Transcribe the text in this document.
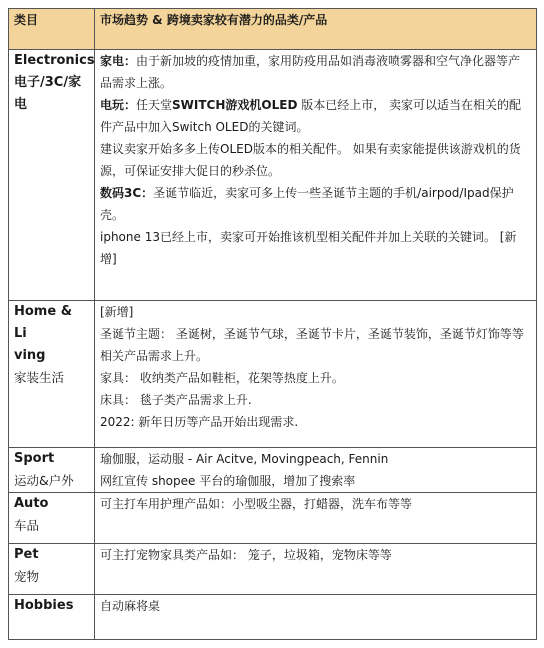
类目	市场趋势 & 跨境卖家较有潜力的品类/产品

Electronics
电子/3C/家电	家电：由于新加坡的疫情加重，家用防疫用品如消毒液喷雾器和空气净化器等产品需求上涨。
电玩：任天堂SWITCH游戏机OLED 版本已经上市， 卖家可以适当在相关的配件产品中加入Switch OLED的关键词。
建议卖家开始多多上传OLED版本的相关配件。 如果有卖家能提供该游戏机的货源，可保证安排大促日的秒杀位。
数码3C：圣诞节临近，卖家可多上传一些圣诞节主题的手机/airpod/Ipad保护壳。
iphone 13已经上市，卖家可开始推该机型相关配件并加上关联的关键词。 [新增]

Home & Li
ving
家装生活	[新增]
圣诞节主题： 圣诞树，圣诞节气球，圣诞节卡片，圣诞节装饰，圣诞节灯饰等等相关产品需求上升。
家具： 收纳类产品如鞋柜，花架等热度上升。
床具： 毯子类产品需求上升.
2022: 新年日历等产品开始出现需求.

Sport
运动&户外	瑜伽服，运动服 - Air Acitve, Movingpeach, Fennin
网红宣传 shopee 平台的瑜伽服，增加了搜索率

Auto
车品	可主打车用护理产品如：小型吸尘器，打蜡器，洗车布等等

Pet
宠物	可主打宠物家具类产品如： 笼子，垃圾箱，宠物床等等

Hobbies	自动麻将桌
